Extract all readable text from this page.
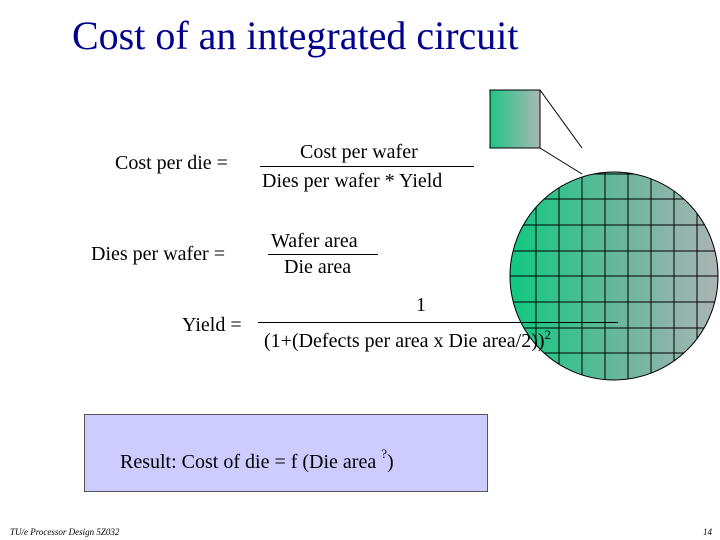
Cost of an integrated circuit
Cost per die =	Cost per wafer
Dies per wafer * Yield
Dies per wafer =
Wafer area
Die area
Yield =
1
(1+(Defects per area x Die area/2))$^2$
Result: Cost of die = f (Die area ?)
TU/e Processor Design 5Z032	14
